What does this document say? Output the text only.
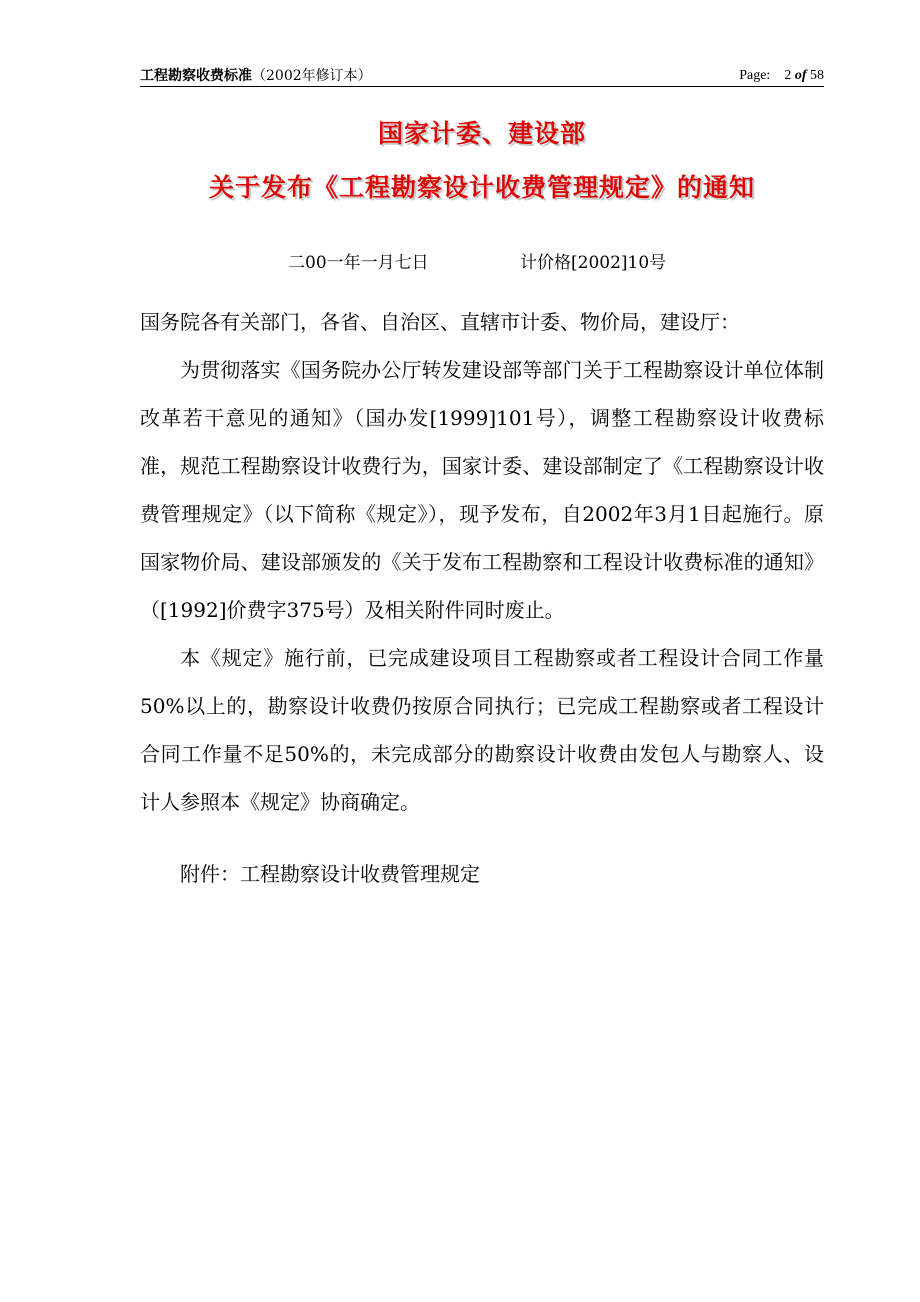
工程勘察收费标准（2002年修订本）	Page: 2 of 58
国家计委、建设部
关于发布《工程勘察设计收费管理规定》的通知
二00一年一月七日	计价格[2002]10号
国务院各有关部门，各省、自治区、直辖市计委、物价局，建设厅：
为贯彻落实《国务院办公厅转发建设部等部门关于工程勘察设计单位体制改革若干意见的通知》（国办发[1999]101号），调整工程勘察设计收费标准，规范工程勘察设计收费行为，国家计委、建设部制定了《工程勘察设计收费管理规定》（以下简称《规定》），现予发布，自2002年3月1日起施行。原国家物价局、建设部颁发的《关于发布工程勘察和工程设计收费标准的通知》（[1992]价费字375号）及相关附件同时废止。
本《规定》施行前，已完成建设项目工程勘察或者工程设计合同工作量50%以上的，勘察设计收费仍按原合同执行；已完成工程勘察或者工程设计合同工作量不足50%的，未完成部分的勘察设计收费由发包人与勘察人、设计人参照本《规定》协商确定。
附件：工程勘察设计收费管理规定
